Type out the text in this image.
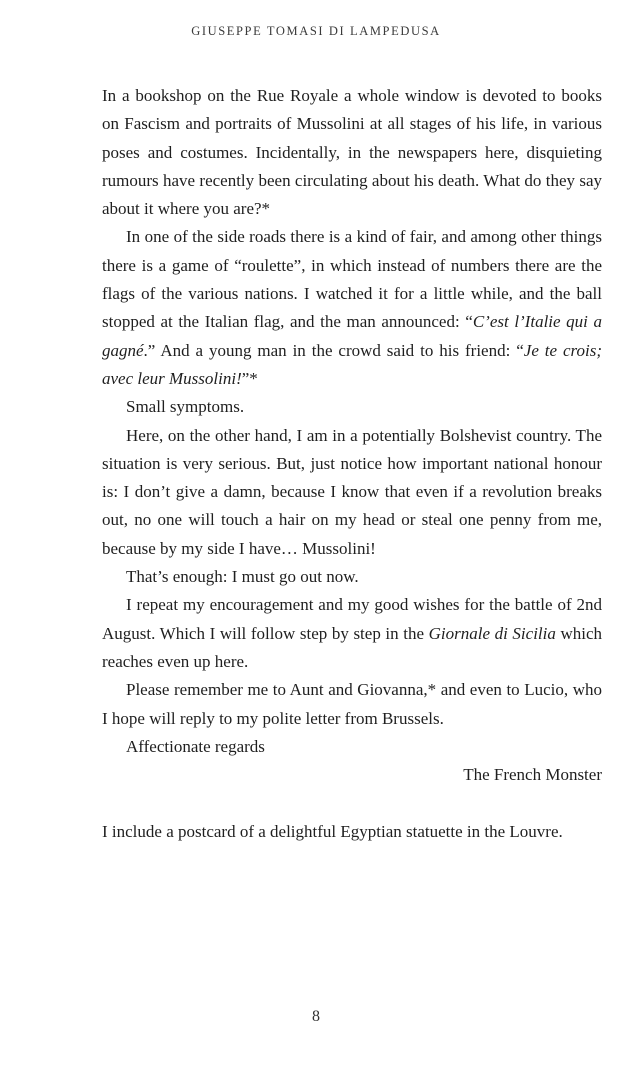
GIUSEPPE TOMASI DI LAMPEDUSA

In a bookshop on the Rue Royale a whole window is devoted to books on Fascism and portraits of Mussolini at all stages of his life, in various poses and costumes. Incidentally, in the newspapers here, disquieting rumours have recently been circulating about his death. What do they say about it where you are?*

In one of the side roads there is a kind of fair, and among other things there is a game of “roulette”, in which instead of numbers there are the flags of the various nations. I watched it for a little while, and the ball stopped at the Italian flag, and the man announced: “C’est l’Italie qui a gagné.” And a young man in the crowd said to his friend: “Je te crois; avec leur Mussolini!”*

Small symptoms.

Here, on the other hand, I am in a potentially Bolshevist country. The situation is very serious. But, just notice how important national honour is: I don’t give a damn, because I know that even if a revolution breaks out, no one will touch a hair on my head or steal one penny from me, because by my side I have… Mussolini!

That’s enough: I must go out now.

I repeat my encouragement and my good wishes for the battle of 2nd August. Which I will follow step by step in the Giornale di Sicilia which reaches even up here.

Please remember me to Aunt and Giovanna,* and even to Lucio, who I hope will reply to my polite letter from Brussels.

Affectionate regards

The French Monster

I include a postcard of a delightful Egyptian statuette in the Louvre.

8
